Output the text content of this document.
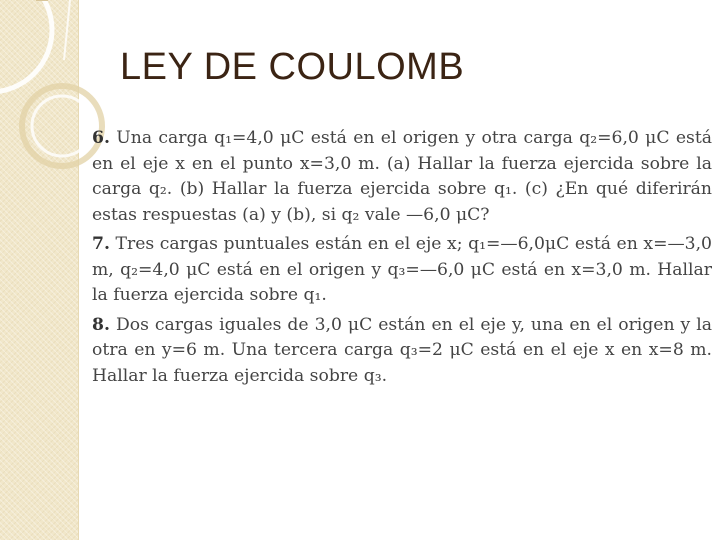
LEY DE COULOMB

6. Una carga q₁=4,0 μC está en el origen y otra carga q₂=6,0 μC está en el eje x en el punto x=3,0 m. (a) Hallar la fuerza ejercida sobre la carga q₂. (b) Hallar la fuerza ejercida sobre q₁. (c) ¿En qué diferirán estas respuestas (a) y (b), si q₂ vale —6,0 μC?

7. Tres cargas puntuales están en el eje x; q₁=—6,0μC está en x=—3,0 m, q₂=4,0 μC está en el origen y q₃=—6,0 μC está en x=3,0 m. Hallar la fuerza ejercida sobre q₁.

8. Dos cargas iguales de 3,0 μC están en el eje y, una en el origen y la otra en y=6 m. Una tercera carga q₃=2 μC está en el eje x en x=8 m. Hallar la fuerza ejercida sobre q₃.
